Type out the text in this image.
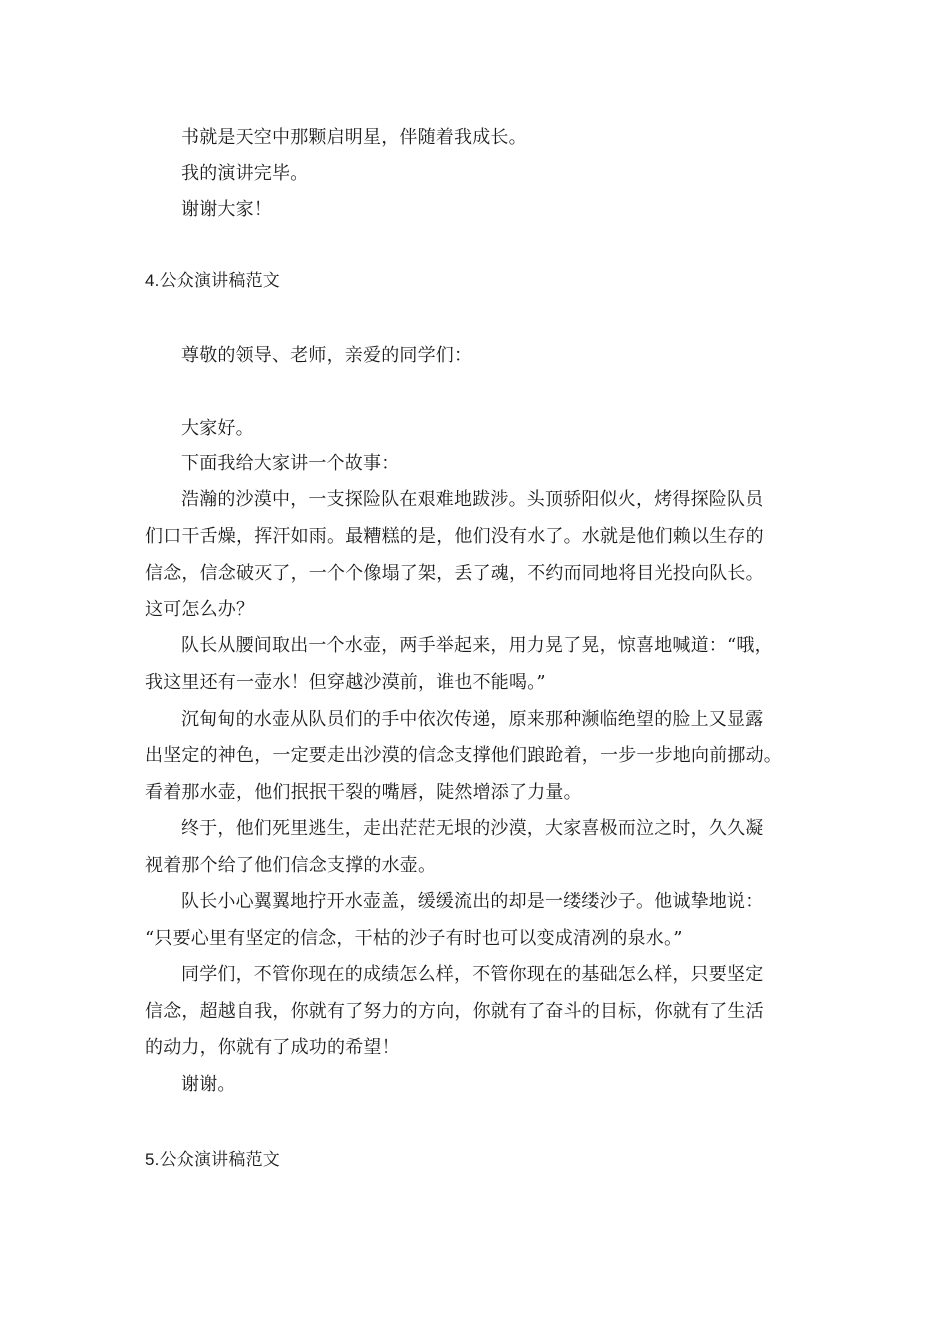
书就是天空中那颗启明星，伴随着我成长。
我的演讲完毕。
谢谢大家！
4.公众演讲稿范文
尊敬的领导、老师，亲爱的同学们：
大家好。
下面我给大家讲一个故事：
浩瀚的沙漠中，一支探险队在艰难地跋涉。头顶骄阳似火，烤得探险队员
们口干舌燥，挥汗如雨。最糟糕的是，他们没有水了。水就是他们赖以生存的
信念，信念破灭了，一个个像塌了架，丢了魂，不约而同地将目光投向队长。
这可怎么办？
队长从腰间取出一个水壶，两手举起来，用力晃了晃，惊喜地喊道：“哦，
我这里还有一壶水！但穿越沙漠前，谁也不能喝。”
沉甸甸的水壶从队员们的手中依次传递，原来那种濒临绝望的脸上又显露
出坚定的神色，一定要走出沙漠的信念支撑他们踉跄着，一步一步地向前挪动。
看着那水壶，他们抿抿干裂的嘴唇，陡然增添了力量。
终于，他们死里逃生，走出茫茫无垠的沙漠，大家喜极而泣之时，久久凝
视着那个给了他们信念支撑的水壶。
队长小心翼翼地拧开水壶盖，缓缓流出的却是一缕缕沙子。他诚挚地说：
“只要心里有坚定的信念，干枯的沙子有时也可以变成清冽的泉水。”
同学们，不管你现在的成绩怎么样，不管你现在的基础怎么样，只要坚定
信念，超越自我，你就有了努力的方向，你就有了奋斗的目标，你就有了生活
的动力，你就有了成功的希望！
谢谢。
5.公众演讲稿范文
